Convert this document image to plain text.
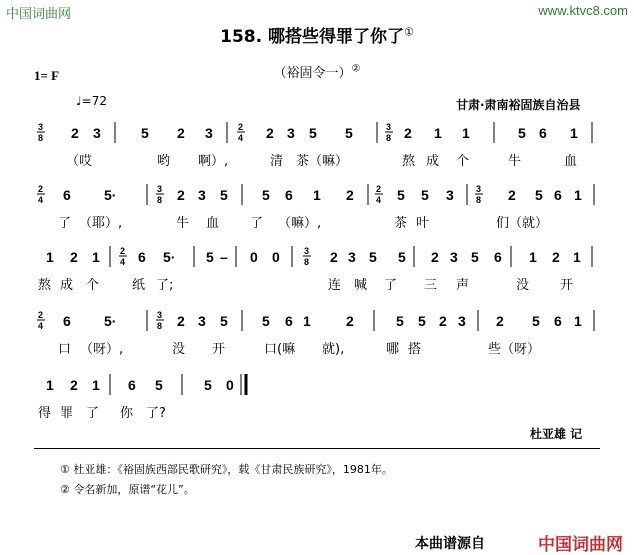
中国词曲网	www.ktvc8.com
158. 哪搭些得罪了你了①
（裕固令一）②
1= F
♩=72	甘肃·肃南裕固族自治县
3
8 2 3	5 2 3	2
4 2 3 5 5	3
8 2 1 1	5 6 1
（哎	哟 啊）,	清 茶（嘛）	熬 成 个	牛	血
2
4 6 5·	3
8 2 3 5 5 6 1 2 2
4 5 5 3 3
8 2 5 6 1
了 （耶）,	牛 血 了 （嘛）,	茶 叶	们（就）
1 2 1 2
4 6 5· 5 – 0 0	3
8 2 3 5 5 2 3 5 6 1 2 1
熬 成 个	纸 了;	连 喊 了 三 声	没 开
2
4 6 5·	3
8 2 3 5 5 6 1	2	5 5 2 3 2 5 6 1
口 （呀）,	没 开	口(嘛 就),	哪 搭	些（呀）
1 2 1 6 5	5 0
得 罪 了 你 了?
杜亚雄 记
① 杜亚雄：《裕固族西部民歌研究》，载《甘肃民族研究》，1981年。
② 令名新加，原谱“花儿”。
本曲谱源自	中国词曲网
